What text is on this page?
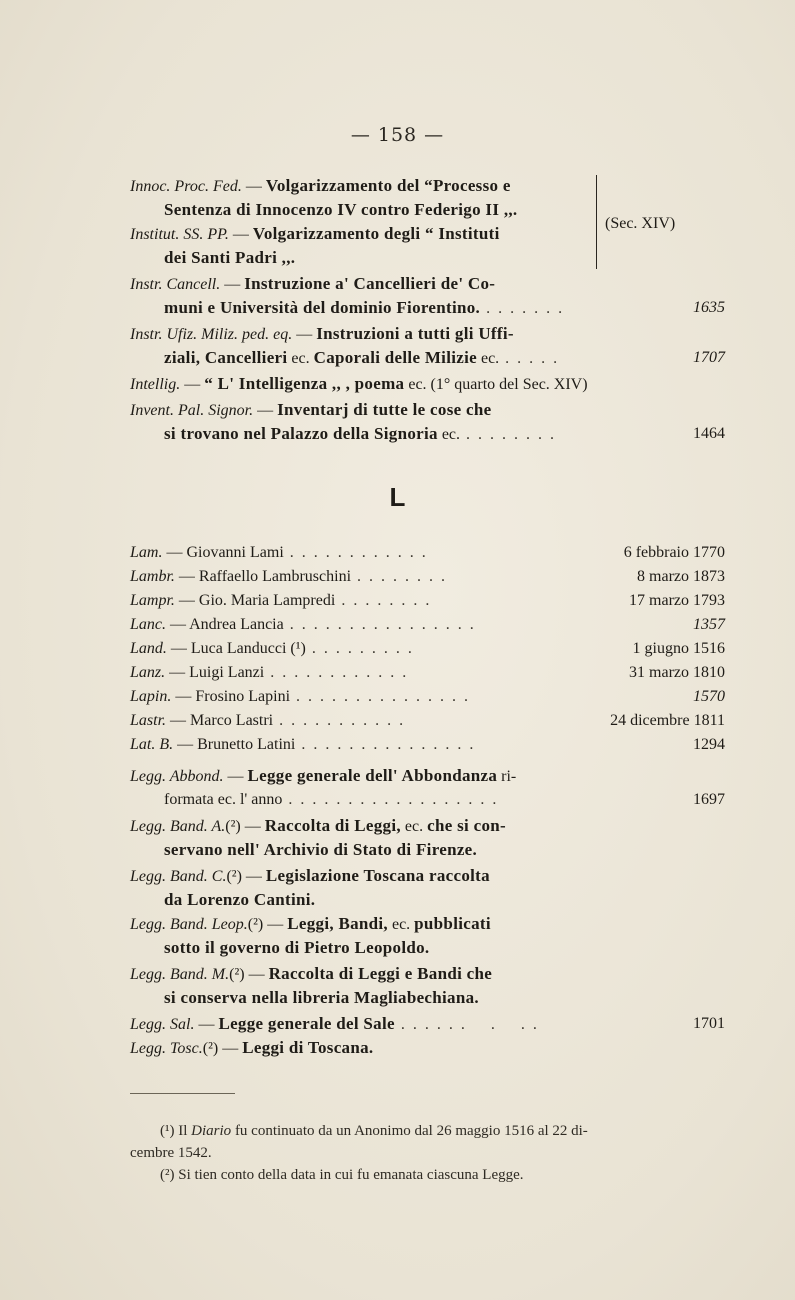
— 158 —
Innoc. Proc. Fed. — Volgarizzamento del “Processo e
Sentenza di Innocenzo IV contro Federigo II ,,.
Institut. SS. PP. — Volgarizzamento degli “ Instituti
dei Santi Padri ,,.
(Sec. XIV)
Instr. Cancell. — Instruzione a' Cancellieri de' Co-
muni e Università del dominio Fiorentino. . . . . . . .	1635
Instr. Ufiz. Miliz. ped. eq. — Instruzioni a tutti gli Uffi-
ziali, Cancellieri ec. Caporali delle Milizie ec. . . . . .	1707
Intellig. — “ L' Intelligenza ,, , poema ec. (1° quarto del Sec. XIV)
Invent. Pal. Signor. — Inventarj di tutte le cose che
si trovano nel Palazzo della Signoria ec. . . . . . . . .	1464
L
Lam. — Giovanni Lami . . . . . . . . . . . .	6 febbraio 1770
Lambr. — Raffaello Lambruschini . . . . . . . .	8 marzo 1873
Lampr. — Gio. Maria Lampredi . . . . . . . .	17 marzo 1793
Lanc. — Andrea Lancia . . . . . . . . . . . . . . . .	1357
Land. — Luca Landucci (¹) . . . . . . . . .	1 giugno 1516
Lanz. — Luigi Lanzi . . . . . . . . . . . .	31 marzo 1810
Lapin. — Frosino Lapini . . . . . . . . . . . . . . .	1570
Lastr. — Marco Lastri . . . . . . . . . . .	24 dicembre 1811
Lat. B. — Brunetto Latini . . . . . . . . . . . . . . .	1294
Legg. Abbond. — Legge generale dell' Abbondanza ri-
formata ec. l' anno . . . . . . . . . . . . . . . . . .	1697
Legg. Band. A.(²) — Raccolta di Leggi, ec. che si con-
servano nell' Archivio di Stato di Firenze.
Legg. Band. C.(²) — Legislazione Toscana raccolta
da Lorenzo Cantini.
Legg. Band. Leop.(²) — Leggi, Bandi, ec. pubblicati
sotto il governo di Pietro Leopoldo.
Legg. Band. M.(²) — Raccolta di Leggi e Bandi che
si conserva nella libreria Magliabechiana.
Legg. Sal. — Legge generale del Sale . . . . . .    .    . .	1701
Legg. Tosc.(²) — Leggi di Toscana.
(¹) Il Diario fu continuato da un Anonimo dal 26 maggio 1516 al 22 di-
cembre 1542.
(²) Si tien conto della data in cui fu emanata ciascuna Legge.
